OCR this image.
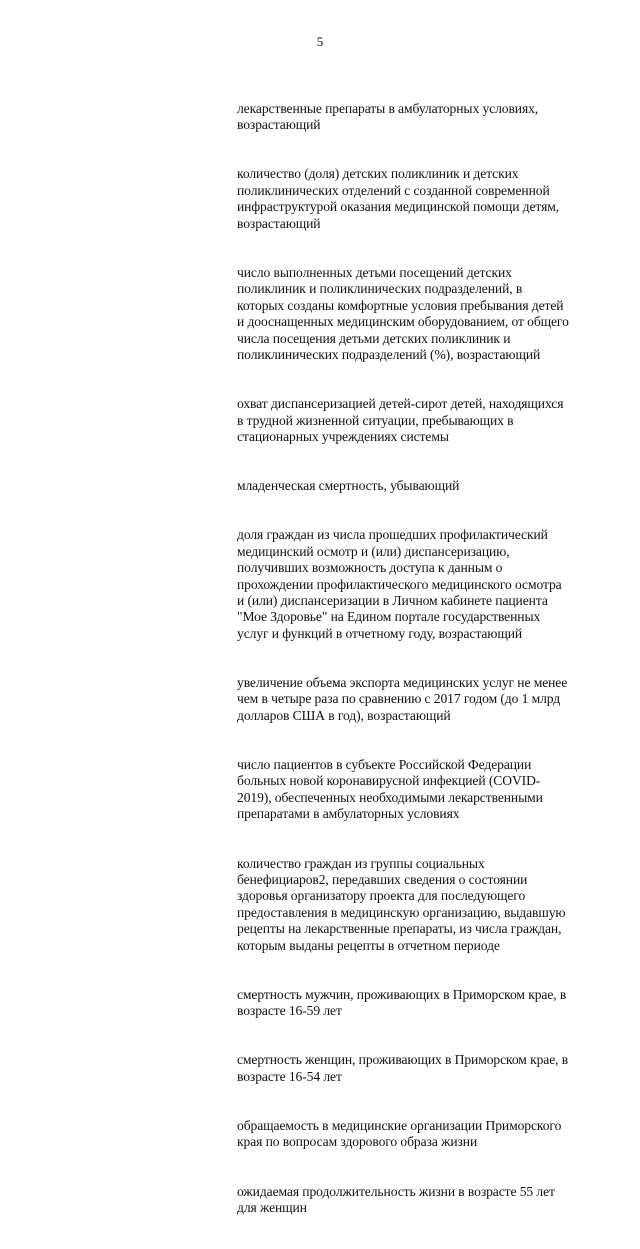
5

лекарственные препараты в амбулаторных условиях,
возрастающий

количество (доля) детских поликлиник и детских
поликлинических отделений с созданной современной
инфраструктурой оказания медицинской помощи детям,
возрастающий

число выполненных детьми посещений детских
поликлиник и поликлинических подразделений, в
которых созданы комфортные условия пребывания детей
и дооснащенных медицинским оборудованием, от общего
числа посещения детьми детских поликлиник и
поликлинических подразделений (%), возрастающий

охват диспансеризацией детей-сирот детей, находящихся
в трудной жизненной ситуации, пребывающих в
стационарных учреждениях системы

младенческая смертность, убывающий

доля граждан из числа прошедших профилактический
медицинский осмотр и (или) диспансеризацию,
получивших возможность доступа к данным о
прохождении профилактического медицинского осмотра
и (или) диспансеризации в Личном кабинете пациента
"Мое Здоровье" на Едином портале государственных
услуг и функций в отчетному году, возрастающий

увеличение объема экспорта медицинских услуг не менее
чем в четыре раза по сравнению с 2017 годом (до 1 млрд
долларов США в год), возрастающий

число пациентов в субъекте Российской Федерации
больных новой коронавирусной инфекцией (COVID-
2019), обеспеченных необходимыми лекарственными
препаратами в амбулаторных условиях

количество граждан из группы социальных
бенефициаров2, передавших сведения о состоянии
здоровья организатору проекта для последующего
предоставления в медицинскую организацию, выдавшую
рецепты на лекарственные препараты, из числа граждан,
которым выданы рецепты в отчетном периоде

смертность мужчин, проживающих в Приморском крае, в
возрасте 16-59 лет

смертность женщин, проживающих в Приморском крае, в
возрасте 16-54 лет

обращаемость в медицинские организации Приморского
края по вопросам здорового образа жизни

ожидаемая продолжительность жизни в возрасте 55 лет
для женщин
